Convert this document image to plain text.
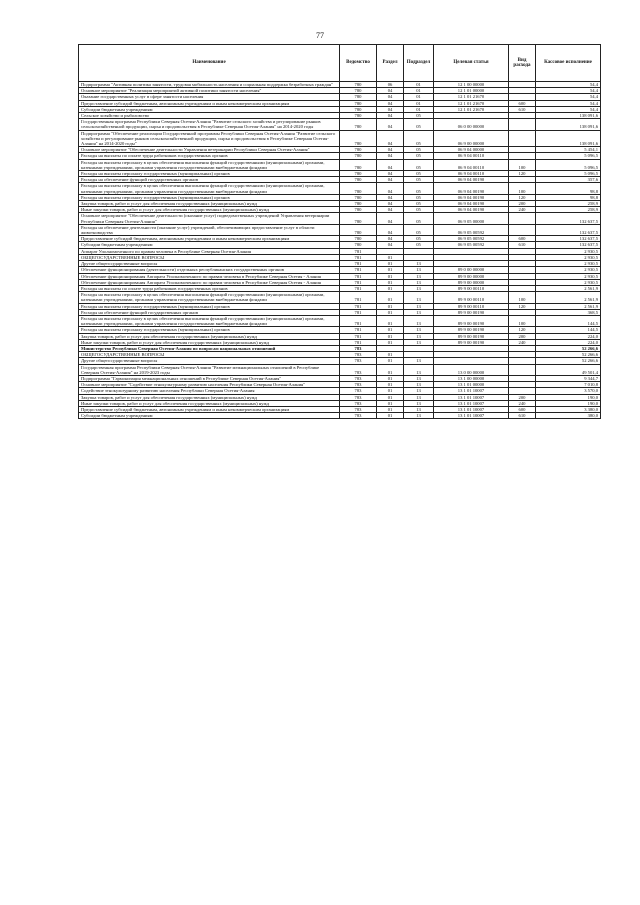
77
Наименование	Ведомство	Раздел	Подраздел	Целевая статья	Вид расхода	Кассовое исполнение
Подпрограмма "Активная политика занятости, трудовая мобильность населения и социальная поддержка безработных граждан"	780	06	01	12 1 00 00000		54,4
Основное мероприятие "Реализация мероприятий активной политики занятости населения"	780	04	01	12 1 01 00000		54,4
Оказание государственных услуг в сфере занятости населения	780	04	01	12 1 01 21670		54,4
Предоставление субсидий бюджетным, автономным учреждениям и иным некоммерческим организациям	780	04	01	12 1 01 21670	600	54,4
Субсидии бюджетным учреждениям	780	04	01	12 1 01 21670	610	54,4
Сельское хозяйство и рыболовство	780	04	05			138 091,6
Государственная программа Республики Северная Осетия-Алания "Развитие сельского хозяйства и регулирование рынков сельскохозяйственной продукции, сырья и продовольствия в Республике Северная Осетия-Алания" на 2014-2020 годы	780	04	05	06 0 00 00000		138 091,6
Подпрограмма "Обеспечение реализации Государственной программы Республики Северная Осетия-Алания "Развитие сельского хозяйства и регулирование рынков сельскохозяйственной продукции, сырья и продовольствия в Республике Северная Осетия-Алания" на 2014-2020 годы"	780	04	05	06 9 00 00000		138 091,6
Основное мероприятие "Обеспечение деятельности Управления ветеринарии Республики Северная Осетия-Алания"	780	04	05	06 9 04 00000		5 454,1
Расходы на выплаты по оплате труда работников государственных органов	780	04	05	06 9 04 00110		5 096,5
Расходы на выплаты персоналу в целях обеспечения выполнения функций государственными (муниципальными) органами, казенными учреждениями, органами управления государственными внебюджетными фондами	780	04	05	06 9 04 00110	100	5 096,5
Расходы на выплаты персоналу государственных (муниципальных) органов	780	04	05	06 9 04 00110	120	5 096,5
Расходы на обеспечение функций государственных органов	780	04	05	06 9 04 00190		357,6
Расходы на выплаты персоналу в целях обеспечения выполнения функций государственными (муниципальными) органами, казенными учреждениями, органами управления государственными внебюджетными фондами	780	04	05	06 9 04 00190	100	98,8
Расходы на выплаты персоналу государственных (муниципальных) органов	780	04	05	06 9 04 00190	120	98,8
Закупка товаров, работ и услуг для обеспечения государственных (муниципальных) нужд	780	04	05	06 9 04 00190	200	258,9
Иные закупки товаров, работ и услуг для обеспечения государственных (муниципальных) нужд	780	04	05	06 9 04 00190	240	258,9
Основное мероприятие "Обеспечение деятельности (оказание услуг) подведомственных учреждений Управления ветеринарии Республики Северная Осетия-Алания"	780	04	05	06 9 05 00000		132 637,5
Расходы на обеспечение деятельности (оказание услуг) учреждений, обеспечивающих предоставление услуг в области животноводства	780	04	05	06 9 05 00592		132 637,5
Предоставление субсидий бюджетным, автономным учреждениям и иным некоммерческим организациям	780	04	05	06 9 05 00592	600	132 637,5
Субсидии бюджетным учреждениям	780	04	05	06 9 05 00592	610	132 637,5
Аппарат Уполномоченного по правам человека в Республике Северная Осетия-Алания	781					2 930,5
ОБЩЕГОСУДАРСТВЕННЫЕ ВОПРОСЫ	781	01				2 930,5
Другие общегосударственные вопросы	781	01	13			2 930,5
Обеспечение функционирования (деятельности) отдельных республиканских государственных органов	781	01	13	89 0 00 00000		2 930,5
Обеспечение функционирования Аппарата Уполномоченного по правам человека в Республике Северная Осетия - Алания	781	01	13	89 9 00 00000		2 930,5
Обеспечение функционирования Аппарата Уполномоченного по правам человека в Республике Северная Осетия - Алания	781	01	13	89 9 00 00000		2 930,5
Расходы на выплаты по оплате труда работников государственных органов	781	01	13	89 9 00 00110		2 561,9
Расходы на выплаты персоналу в целях обеспечения выполнения функций государственными (муниципальными) органами, казенными учреждениями, органами управления государственными внебюджетными фондами	781	01	13	89 9 00 00110	100	2 561,9
Расходы на выплаты персоналу государственных (муниципальных) органов	781	01	13	89 9 00 00110	120	2 561,9
Расходы на обеспечение функций государственных органов	781	01	13	89 9 00 00190		368,5
Расходы на выплаты персоналу в целях обеспечения выполнения функций государственными (муниципальными) органами, казенными учреждениями, органами управления государственными внебюджетными фондами	781	01	13	89 9 00 00190	100	144,5
Расходы на выплаты персоналу государственных (муниципальных) органов	781	01	13	89 9 00 00190	120	144,5
Закупка товаров, работ и услуг для обеспечения государственных (муниципальных) нужд	781	01	13	89 9 00 00190	200	224,0
Иные закупки товаров, работ и услуг для обеспечения государственных (муниципальных) нужд	781	01	13	89 9 00 00190	240	224,0
Министерство Республики Северная Осетия-Алания по вопросам национальных отношений	783					52 266,6
ОБЩЕГОСУДАРСТВЕННЫЕ ВОПРОСЫ	783	01				52 266,6
Другие общегосударственные вопросы	783	01	13			52 266,6
Государственная программа Республики Северная Осетия-Алания "Развитие межнациональных отношений в Республике Северная Осетия-Алания" на 2019-2023 годы	783	01	13	13 0 00 00000		49 501,4
Подпрограмма "Гармонизация межнациональных отношений в Республике Северная Осетия-Алания"	783	01	13	13 1 00 00000		9 344,7
Основное мероприятие "Содействие этнокультурному развитию населения Республики Северная Осетия-Алания"	783	01	13	13 1 01 00000		7 010,8
Содействие этнокультурному развитию населения Республики Северная Осетия-Алания	783	01	13	13 1 01 10007		3 570,0
Закупка товаров, работ и услуг для обеспечения государственных (муниципальных) нужд	783	01	13	13 1 01 10007	200	190,0
Иные закупки товаров, работ и услуг для обеспечения государственных (муниципальных) нужд	783	01	13	13 1 01 10007	240	190,0
Предоставление субсидий бюджетным, автономным учреждениям и иным некоммерческим организациям	783	01	13	13 1 01 10007	600	3 380,0
Субсидии бюджетным учреждениям	783	01	13	13 1 01 10007	610	380,0
